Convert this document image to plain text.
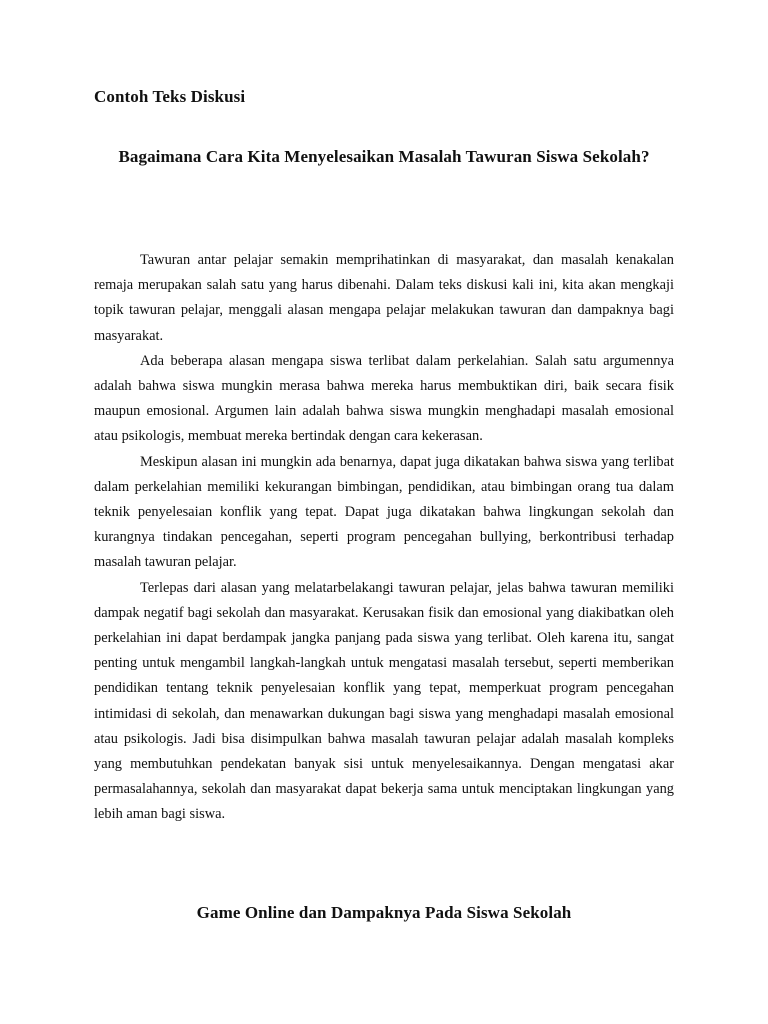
Contoh Teks Diskusi
Bagaimana Cara Kita Menyelesaikan Masalah Tawuran Siswa Sekolah?

Tawuran antar pelajar semakin memprihatinkan di masyarakat, dan masalah kenakalan remaja merupakan salah satu yang harus dibenahi. Dalam teks diskusi kali ini, kita akan mengkaji topik tawuran pelajar, menggali alasan mengapa pelajar melakukan tawuran dan dampaknya bagi masyarakat.

Ada beberapa alasan mengapa siswa terlibat dalam perkelahian. Salah satu argumennya adalah bahwa siswa mungkin merasa bahwa mereka harus membuktikan diri, baik secara fisik maupun emosional. Argumen lain adalah bahwa siswa mungkin menghadapi masalah emosional atau psikologis, membuat mereka bertindak dengan cara kekerasan.

Meskipun alasan ini mungkin ada benarnya, dapat juga dikatakan bahwa siswa yang terlibat dalam perkelahian memiliki kekurangan bimbingan, pendidikan, atau bimbingan orang tua dalam teknik penyelesaian konflik yang tepat. Dapat juga dikatakan bahwa lingkungan sekolah dan kurangnya tindakan pencegahan, seperti program pencegahan bullying, berkontribusi terhadap masalah tawuran pelajar.

Terlepas dari alasan yang melatarbelakangi tawuran pelajar, jelas bahwa tawuran memiliki dampak negatif bagi sekolah dan masyarakat. Kerusakan fisik dan emosional yang diakibatkan oleh perkelahian ini dapat berdampak jangka panjang pada siswa yang terlibat. Oleh karena itu, sangat penting untuk mengambil langkah-langkah untuk mengatasi masalah tersebut, seperti memberikan pendidikan tentang teknik penyelesaian konflik yang tepat, memperkuat program pencegahan intimidasi di sekolah, dan menawarkan dukungan bagi siswa yang menghadapi masalah emosional atau psikologis. Jadi bisa disimpulkan bahwa masalah tawuran pelajar adalah masalah kompleks yang membutuhkan pendekatan banyak sisi untuk menyelesaikannya. Dengan mengatasi akar permasalahannya, sekolah dan masyarakat dapat bekerja sama untuk menciptakan lingkungan yang lebih aman bagi siswa.

Game Online dan Dampaknya Pada Siswa Sekolah
